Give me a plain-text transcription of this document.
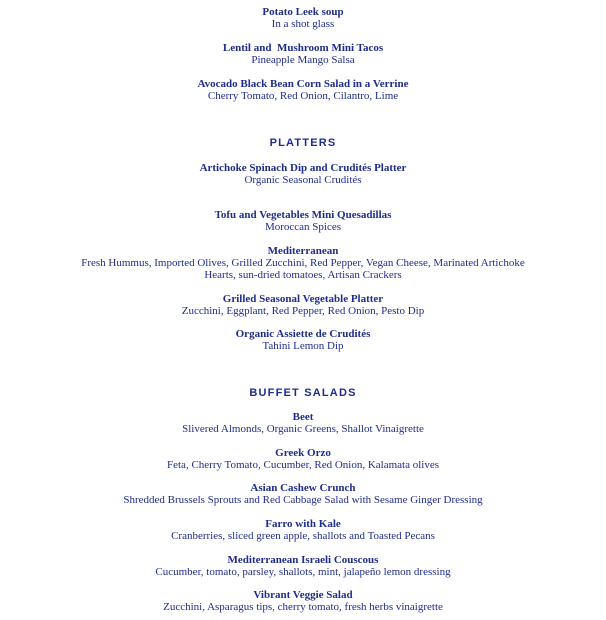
Potato Leek soup
In a shot glass
Lentil and  Mushroom Mini Tacos
Pineapple Mango Salsa
Avocado Black Bean Corn Salad in a Verrine
Cherry Tomato, Red Onion, Cilantro, Lime
PLATTERS
Artichoke Spinach Dip and Crudités Platter
Organic Seasonal Crudités
Tofu and Vegetables Mini Quesadillas
Moroccan Spices
Mediterranean
Fresh Hummus, Imported Olives, Grilled Zucchini, Red Pepper, Vegan Cheese, Marinated Artichoke Hearts, sun-dried tomatoes, Artisan Crackers
Grilled Seasonal Vegetable Platter
Zucchini, Eggplant, Red Pepper, Red Onion, Pesto Dip
Organic Assiette de Crudités
Tahini Lemon Dip
BUFFET SALADS
Beet
Slivered Almonds, Organic Greens, Shallot Vinaigrette
Greek Orzo
Feta, Cherry Tomato, Cucumber, Red Onion, Kalamata olives
Asian Cashew Crunch
Shredded Brussels Sprouts and Red Cabbage Salad with Sesame Ginger Dressing
Farro with Kale
Cranberries, sliced green apple, shallots and Toasted Pecans
Mediterranean Israeli Couscous
Cucumber, tomato, parsley, shallots, mint, jalapeño lemon dressing
Vibrant Veggie Salad
Zucchini, Asparagus tips, cherry tomato, fresh herbs vinaigrette
